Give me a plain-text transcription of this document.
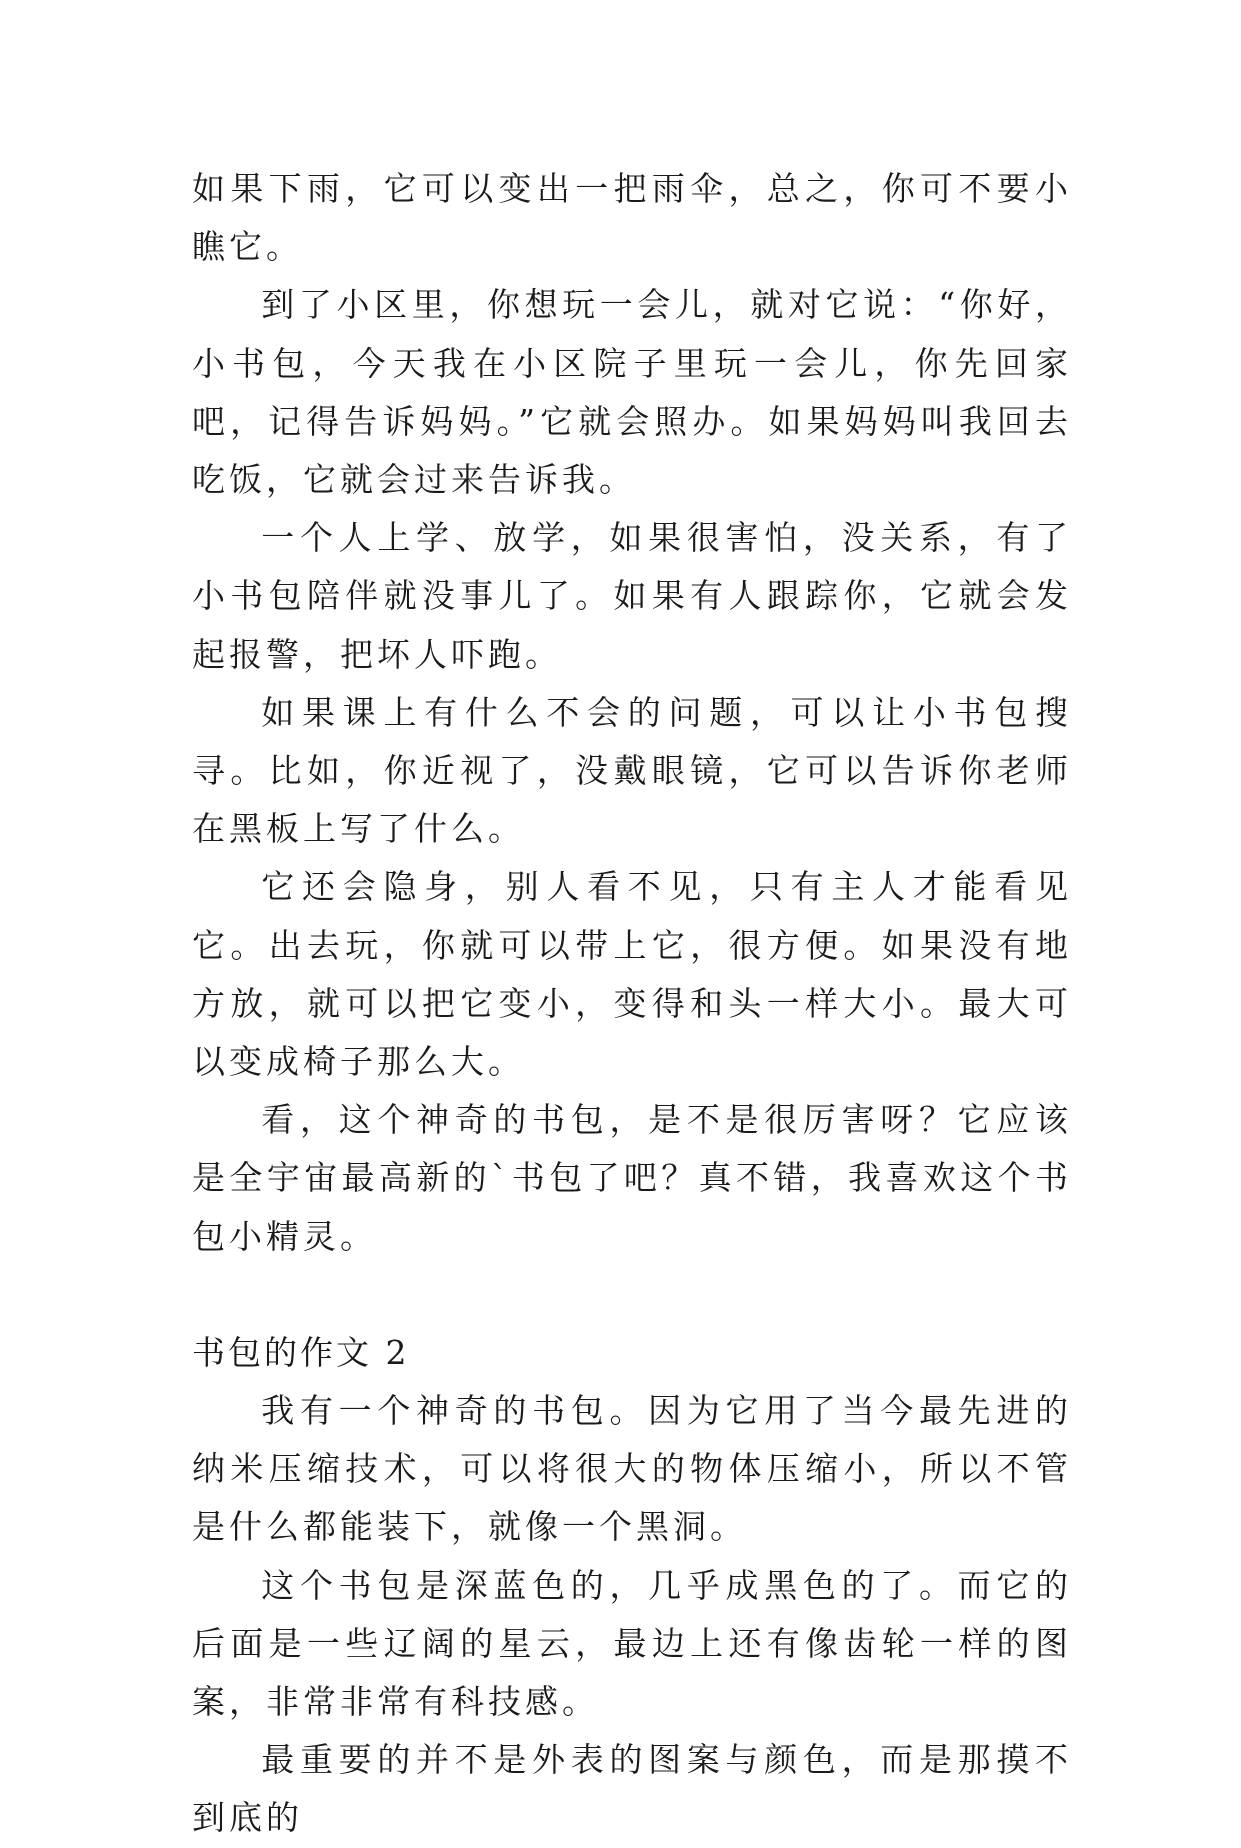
如果下雨，它可以变出一把雨伞，总之，你可不要小瞧它。

到了小区里，你想玩一会儿，就对它说：“你好，小书包，今天我在小区院子里玩一会儿，你先回家吧，记得告诉妈妈。”它就会照办。如果妈妈叫我回去吃饭，它就会过来告诉我。

一个人上学、放学，如果很害怕，没关系，有了小书包陪伴就没事儿了。如果有人跟踪你，它就会发起报警，把坏人吓跑。

如果课上有什么不会的问题，可以让小书包搜寻。比如，你近视了，没戴眼镜，它可以告诉你老师在黑板上写了什么。

它还会隐身，别人看不见，只有主人才能看见它。出去玩，你就可以带上它，很方便。如果没有地方放，就可以把它变小，变得和头一样大小。最大可以变成椅子那么大。

看，这个神奇的书包，是不是很厉害呀？它应该是全宇宙最高新的`书包了吧？真不错，我喜欢这个书包小精灵。

书包的作文 2

我有一个神奇的书包。因为它用了当今最先进的纳米压缩技术，可以将很大的物体压缩小，所以不管是什么都能装下，就像一个黑洞。

这个书包是深蓝色的，几乎成黑色的了。而它的后面是一些辽阔的星云，最边上还有像齿轮一样的图案，非常非常有科技感。

最重要的并不是外表的图案与颜色，而是那摸不到底的
